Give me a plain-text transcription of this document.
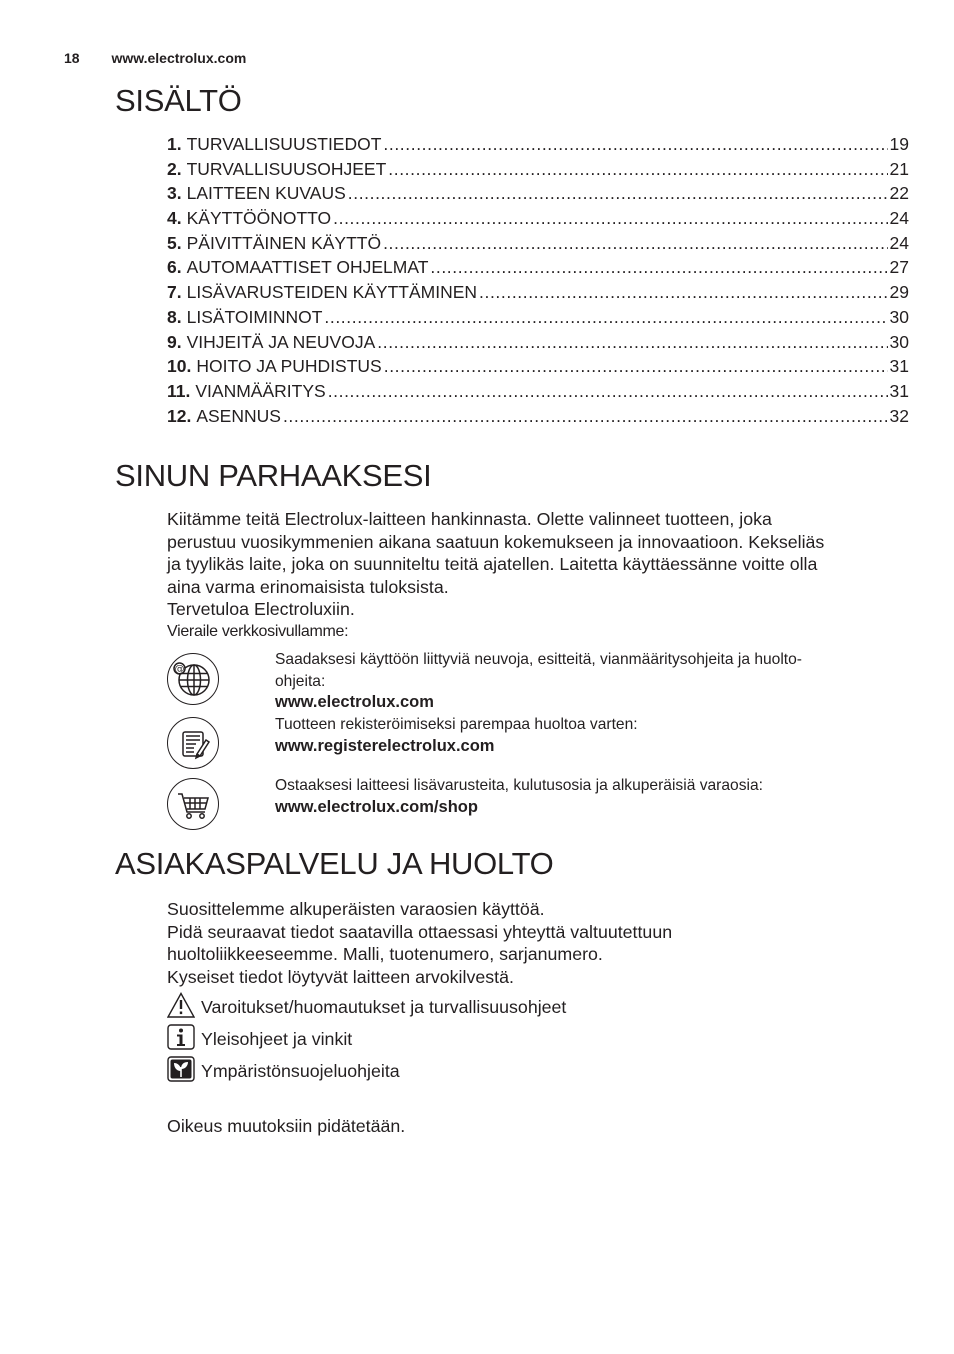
18 www.electrolux.com
SISÄLTÖ
1. TURVALLISUUSTIEDOT .....	19
2. TURVALLISUUSOHJEET .....	21
3. LAITTEEN KUVAUS .....	22
4. KÄYTTÖÖNOTTO .....	24
5. PÄIVITTÄINEN KÄYTTÖ .....	24
6. AUTOMAATTISET OHJELMAT .....	27
7. LISÄVARUSTEIDEN KÄYTTÄMINEN .....	29
8. LISÄTOIMINNOT .....	30
9. VIHJEITÄ JA NEUVOJA .....	30
10. HOITO JA PUHDISTUS .....	31
11. VIANMÄÄRITYS .....	31
12. ASENNUS .....	32
SINUN PARHAAKSESI
Kiitämme teitä Electrolux-laitteen hankinnasta. Olette valinneet tuotteen, joka
perustuu vuosikymmenien aikana saatuun kokemukseen ja innovaatioon. Kekseliäs
ja tyylikäs laite, joka on suunniteltu teitä ajatellen. Laitetta käyttäessänne voitte olla
aina varma erinomaisista tuloksista.
Tervetuloa Electroluxiin.
Vieraile verkkosivullamme:
@
Saadaksesi käyttöön liittyviä neuvoja, esitteitä, vianmääritysohjeita ja huolto-
ohjeita:
www.electrolux.com
Tuotteen rekisteröimiseksi parempaa huoltoa varten:
www.registerelectrolux.com
Ostaaksesi laitteesi lisävarusteita, kulutusosia ja alkuperäisiä varaosia:
www.electrolux.com/shop
ASIAKASPALVELU JA HUOLTO
Suosittelemme alkuperäisten varaosien käyttöä.
Pidä seuraavat tiedot saatavilla ottaessasi yhteyttä valtuutettuun
huoltoliikkeeseemme. Malli, tuotenumero, sarjanumero.
Kyseiset tiedot löytyvät laitteen arvokilvestä.
Varoitukset/huomautukset ja turvallisuusohjeet
Yleisohjeet ja vinkit
Ympäristönsuojeluohjeita
Oikeus muutoksiin pidätetään.
